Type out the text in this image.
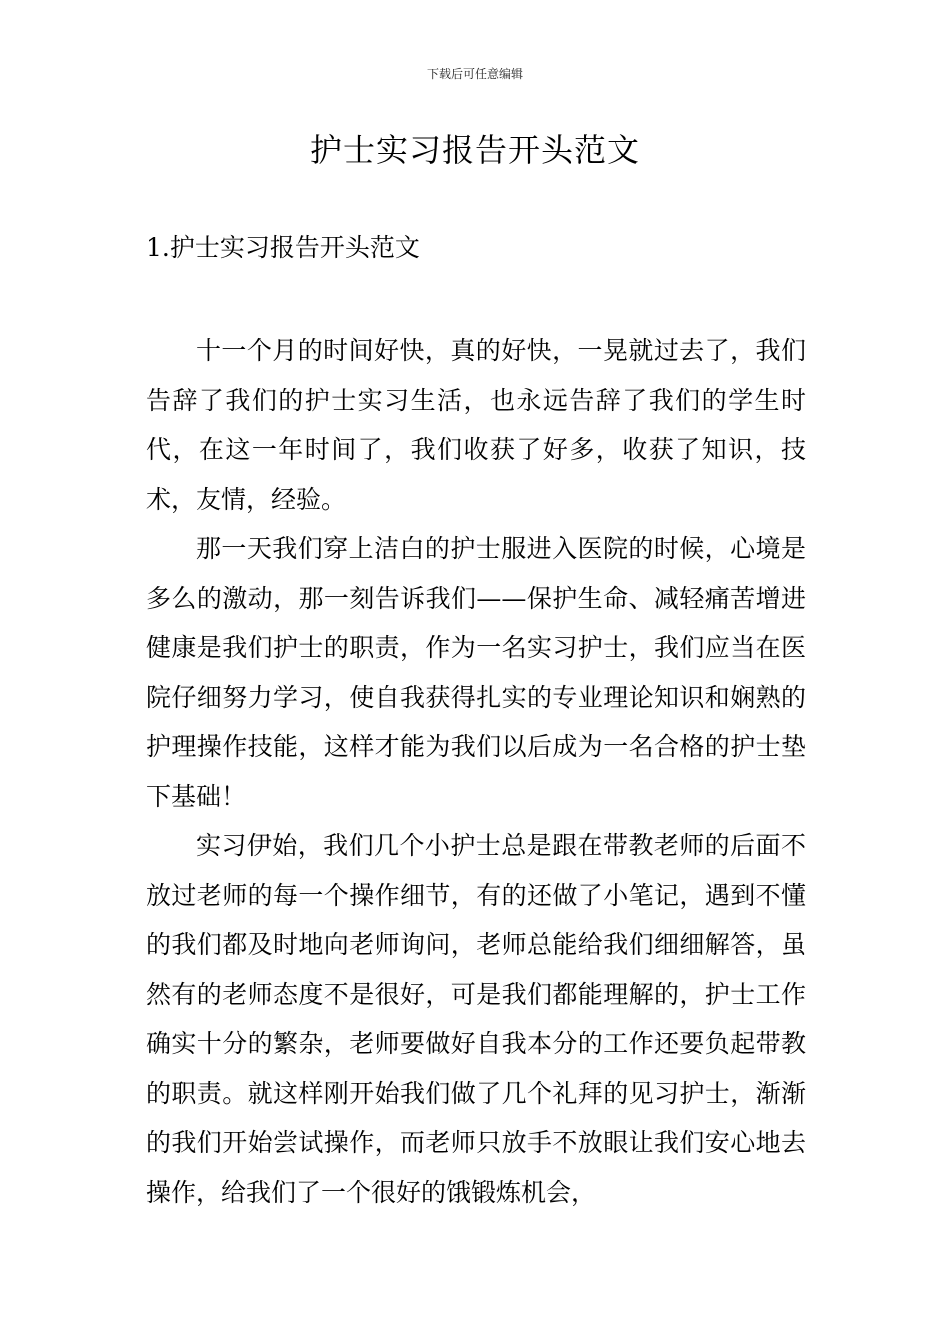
下载后可任意编辑
护士实习报告开头范文
1.护士实习报告开头范文

十一个月的时间好快，真的好快，一晃就过去了，我们告辞了我们的护士实习生活，也永远告辞了我们的学生时代，在这一年时间了，我们收获了好多，收获了知识，技术，友情，经验。

那一天我们穿上洁白的护士服进入医院的时候，心境是多么的激动，那一刻告诉我们——保护生命、减轻痛苦增进健康是我们护士的职责，作为一名实习护士，我们应当在医院仔细努力学习，使自我获得扎实的专业理论知识和娴熟的护理操作技能，这样才能为我们以后成为一名合格的护士垫下基础！

实习伊始，我们几个小护士总是跟在带教老师的后面不放过老师的每一个操作细节，有的还做了小笔记，遇到不懂的我们都及时地向老师询问，老师总能给我们细细解答，虽然有的老师态度不是很好，可是我们都能理解的，护士工作确实十分的繁杂，老师要做好自我本分的工作还要负起带教的职责。就这样刚开始我们做了几个礼拜的见习护士，渐渐的我们开始尝试操作，而老师只放手不放眼让我们安心地去操作，给我们了一个很好的饿锻炼机会，
